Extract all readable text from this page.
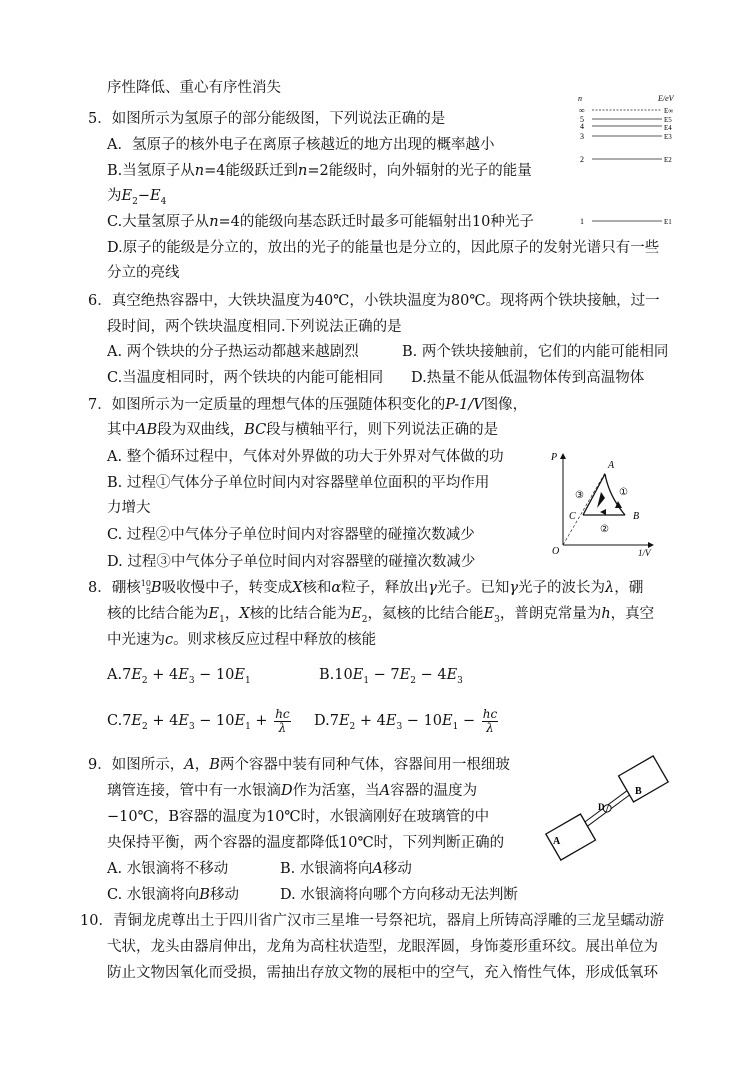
序性降低、重心有序性消失
5．如图所示为氢原子的部分能级图，下列说法正确的是
A．氢原子的核外电子在离原子核越近的地方出现的概率越小
B.当氢原子从n=4能级跃迁到n=2能级时，向外辐射的光子的能量
为$E_2-E_4$
C.大量氢原子从n=4的能级向基态跃迁时最多可能辐射出10种光子
D.原子的能级是分立的，放出的光子的能量也是分立的，因此原子的发射光谱只有一些
分立的亮线
n	E/eV
∞
5
4
3
2
1
E∞
E5
E4
E3
E2
E1
6．真空绝热容器中，大铁块温度为40℃，小铁块温度为80℃。现将两个铁块接触，过一
段时间，两个铁块温度相同.下列说法正确的是
A. 两个铁块的分子热运动都越来越剧烈	B. 两个铁块接触前，它们的内能可能相同
C.当温度相同时，两个铁块的内能可能相同 D.热量不能从低温物体传到高温物体
7．如图所示为一定质量的理想气体的压强随体积变化的P-1/V图像，
其中AB段为双曲线，BC段与横轴平行，则下列说法正确的是
A. 整个循环过程中，气体对外界做的功大于外界对气体做的功
B. 过程①气体分子单位时间内对容器壁单位面积的平均作用
力增大
C. 过程②中气体分子单位时间内对容器壁的碰撞次数减少
D. 过程③中气体分子单位时间内对容器壁的碰撞次数减少
P
1/V
O
A
B
C
①
②
③
8．硼核 10
5 B吸收慢中子，转变成X核和α粒子，释放出γ光子。已知γ光子的波长为λ，硼
核的比结合能为$E_1$，X核的比结合能为$E_2$，氦核的比结合能$E_3$，普朗克常量为h，真空
中光速为c。则求核反应过程中释放的核能
$A.7E_2 + 4E_3 - 10E_1$	$B.10E_1 - 7E_2 - 4E_3$
$C.7E_2 + 4E_3 - 10E_1 + \frac{hc}{\lambda} D.7E_2 + 4E_3 - 10E_1 - \frac{hc}{\lambda}$
9．如图所示，A，B两个容器中装有同种气体，容器间用一根细玻
璃管连接，管中有一水银滴D作为活塞，当A容器的温度为
−10℃，B容器的温度为10℃时，水银滴刚好在玻璃管的中
央保持平衡，两个容器的温度都降低10℃时，下列判断正确的
A. 水银滴将不移动	B. 水银滴将向A移动
C. 水银滴将向B移动	D. 水银滴将向哪个方向移动无法判断
A
B
D
10．青铜龙虎尊出土于四川省广汉市三星堆一号祭祀坑，器肩上所铸高浮雕的三龙呈蠕动游
弋状，龙头由器肩伸出，龙角为高柱状造型，龙眼浑圆，身饰菱形重环纹。展出单位为
防止文物因氧化而受损，需抽出存放文物的展柜中的空气，充入惰性气体，形成低氧环
